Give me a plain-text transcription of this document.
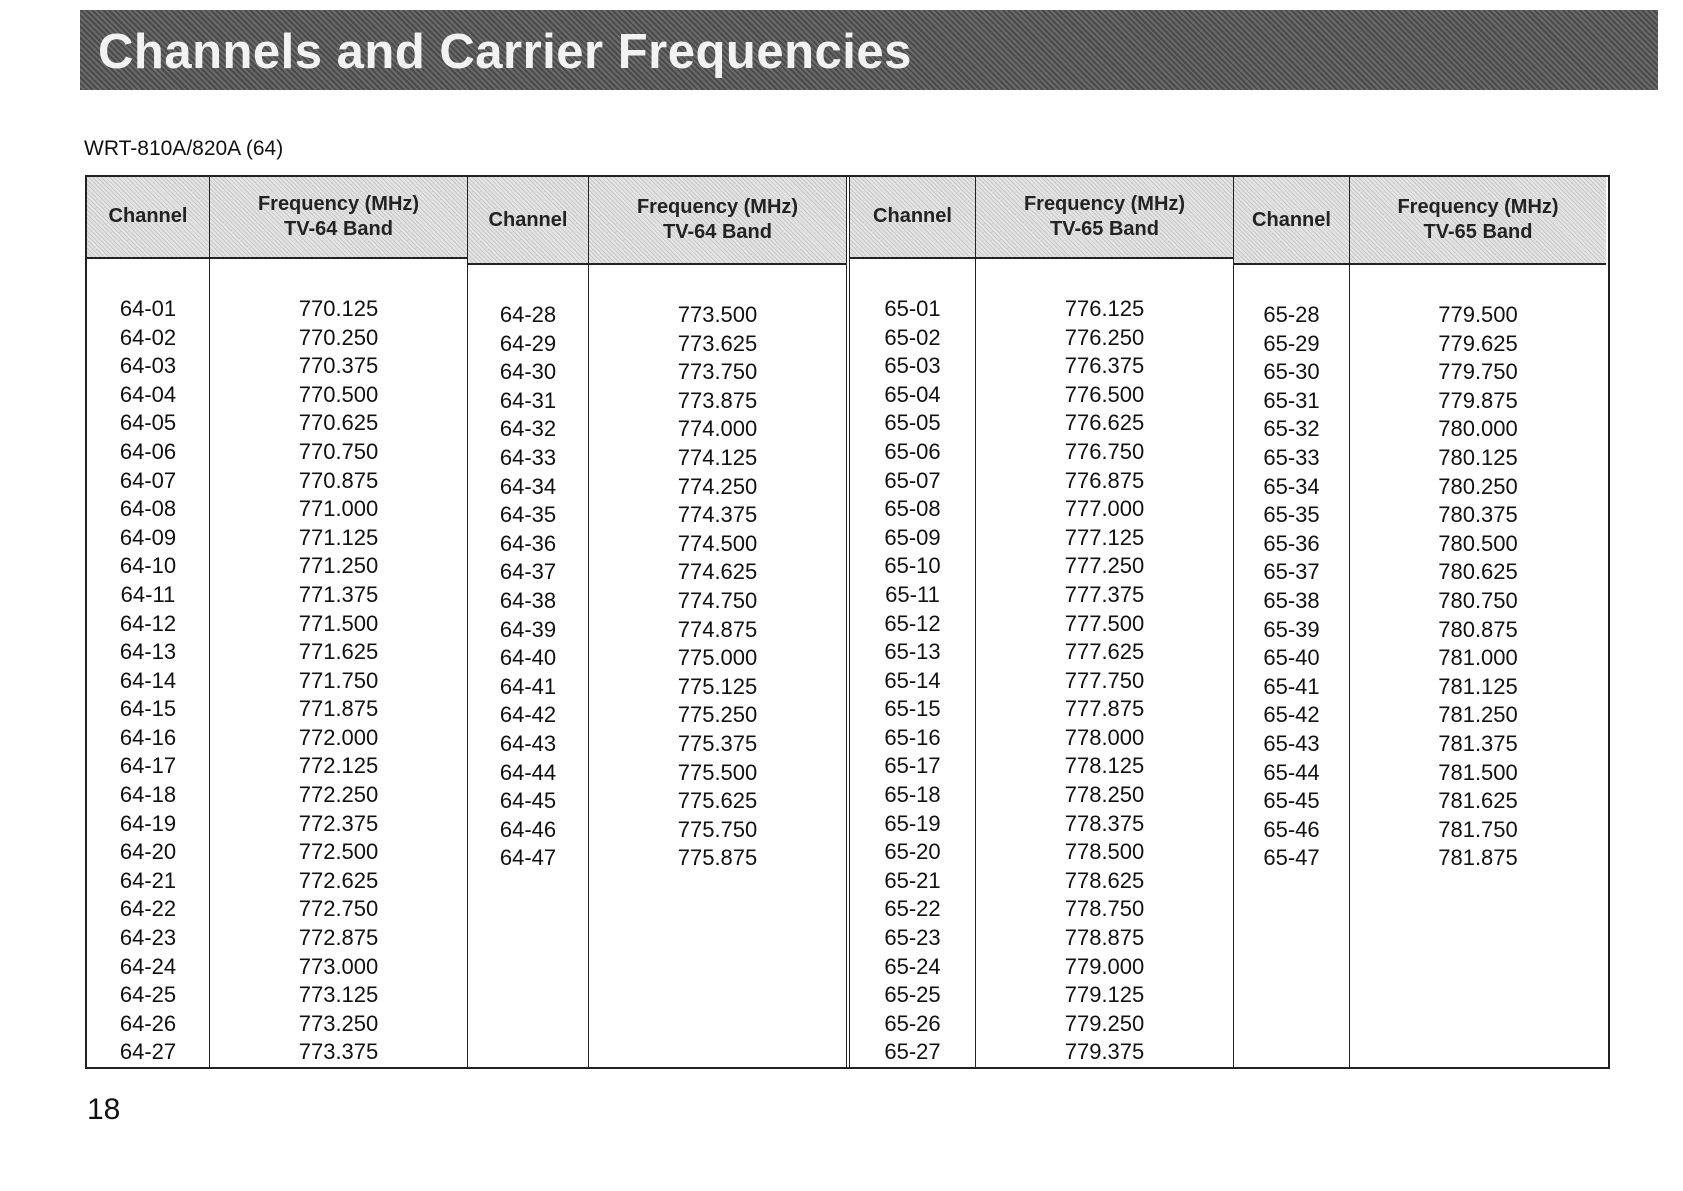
Channels and Carrier Frequencies
WRT-810A/820A (64)
Channel
64-01
64-02
64-03
64-04
64-05
64-06
64-07
64-08
64-09
64-10
64-11
64-12
64-13
64-14
64-15
64-16
64-17
64-18
64-19
64-20
64-21
64-22
64-23
64-24
64-25
64-26
64-27
Frequency (MHz)
TV-64 Band
770.125
770.250
770.375
770.500
770.625
770.750
770.875
771.000
771.125
771.250
771.375
771.500
771.625
771.750
771.875
772.000
772.125
772.250
772.375
772.500
772.625
772.750
772.875
773.000
773.125
773.250
773.375
Channel
64-28
64-29
64-30
64-31
64-32
64-33
64-34
64-35
64-36
64-37
64-38
64-39
64-40
64-41
64-42
64-43
64-44
64-45
64-46
64-47
Frequency (MHz)
TV-64 Band
773.500
773.625
773.750
773.875
774.000
774.125
774.250
774.375
774.500
774.625
774.750
774.875
775.000
775.125
775.250
775.375
775.500
775.625
775.750
775.875
Channel
65-01
65-02
65-03
65-04
65-05
65-06
65-07
65-08
65-09
65-10
65-11
65-12
65-13
65-14
65-15
65-16
65-17
65-18
65-19
65-20
65-21
65-22
65-23
65-24
65-25
65-26
65-27
Frequency (MHz)
TV-65 Band
776.125
776.250
776.375
776.500
776.625
776.750
776.875
777.000
777.125
777.250
777.375
777.500
777.625
777.750
777.875
778.000
778.125
778.250
778.375
778.500
778.625
778.750
778.875
779.000
779.125
779.250
779.375
Channel
65-28
65-29
65-30
65-31
65-32
65-33
65-34
65-35
65-36
65-37
65-38
65-39
65-40
65-41
65-42
65-43
65-44
65-45
65-46
65-47
Frequency (MHz)
TV-65 Band
779.500
779.625
779.750
779.875
780.000
780.125
780.250
780.375
780.500
780.625
780.750
780.875
781.000
781.125
781.250
781.375
781.500
781.625
781.750
781.875
18
